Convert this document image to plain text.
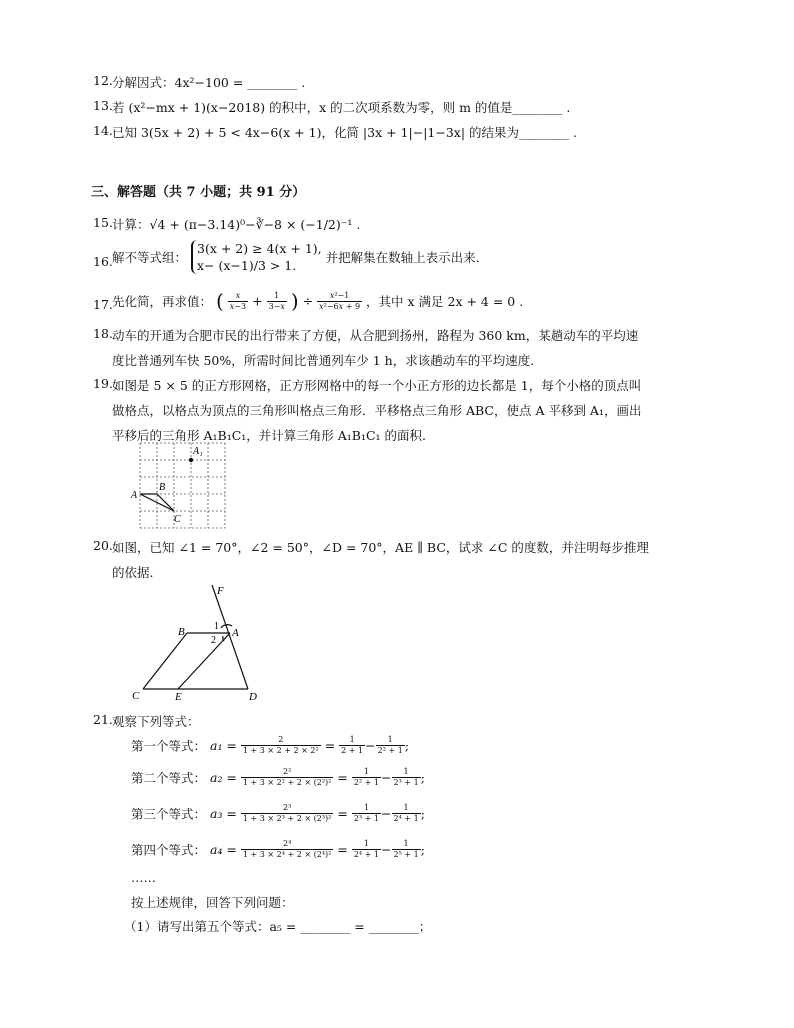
分解因式：4x²−100 = ________ .
12.
13. 若 (x²−mx + 1)(x−2018) 的积中，x 的二次项系数为零，则 m 的值是________ .
14. 已知 3(5x + 2) + 5 < 4x−6(x + 1)，化简 |3x + 1|−|1−3x| 的结果为________ .
三、解答题（共 7 小题；共 91 分）
15. 计算：√4 + (π−3.14)⁰−∛−8 × (−1/2)⁻¹ .
16. 解不等式组：
3(x + 2) ≥ 4(x + 1),
x− (x−1)/3 > 1.
并把解集在数轴上表示出来.
17. 先化简，再求值： ( $\frac{x}{x-3} + \frac{1}{3-x}$ ) ÷ $\frac{\text{x²−1}}{\text{x²−6x + 9}}$ ，其中 x 满足 2x + 4 = 0 .
18. 动车的开通为合肥市民的出行带来了方便，从合肥到扬州，路程为 360 km，某趟动车的平均速
度比普通列车快 50%，所需时间比普通列车少 1 h，求该趟动车的平均速度.
19. 如图是 5 × 5 的正方形网格，正方形网格中的每一个小正方形的边长都是 1，每个小格的顶点叫
做格点，以格点为顶点的三角形叫格点三角形．平移格点三角形 ABC，使点 A 平移到 A₁，画出
平移后的三角形 A₁B₁C₁，并计算三角形 A₁B₁C₁ 的面积.
A
B
C
A₁
20. 如图，已知 ∠1 = 70°，∠2 = 50°，∠D = 70°，AE ∥ BC，试求 ∠C 的度数，并注明每步推理
的依据.
F
B	A
C	E	D
1
2
21. 观察下列等式：
第一个等式： $a_1 = \frac{2}{\text{1 + 3 × 2 + 2 × 2²}} = \frac{1}{2 + 1} - \frac{1}{\text{2² + 1}}$ ;
第二个等式： $a_2 = \frac{\text{2²}}{\text{1 + 3 × 2² + 2 × (2²)²}} = \frac{1}{\text{2² + 1}} - \frac{1}{\text{2³ + 1}}$ ;
第三个等式： $a_3 = \frac{\text{2³}}{\text{1 + 3 × 2³ + 2 × (2³)²}} = \frac{1}{\text{2³ + 1}} - \frac{1}{\text{2⁴ + 1}}$ ;
第四个等式： $a_4 = \frac{\text{2⁴}}{\text{1 + 3 × 2⁴ + 2 × (2⁴)²}} = \frac{1}{\text{2⁴ + 1}} - \frac{1}{\text{2⁵ + 1}}$ ;
……
按上述规律，回答下列问题：
（1）请写出第五个等式：a₅ = ________ = ________；
